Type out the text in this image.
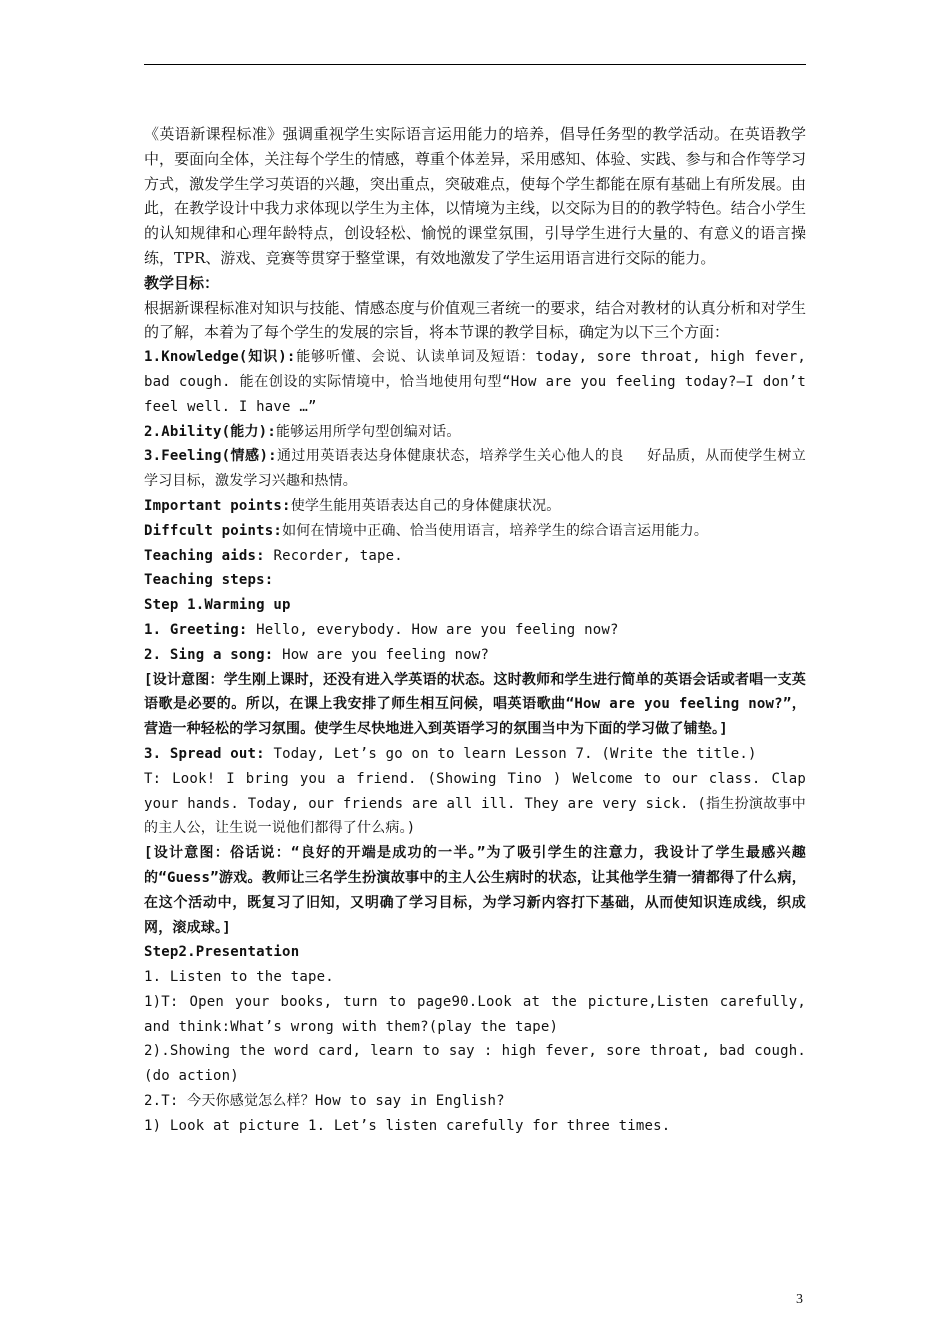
《英语新课程标准》强调重视学生实际语言运用能力的培养，倡导任务型的教学活动。在英语教学中，要面向全体，关注每个学生的情感，尊重个体差异，采用感知、体验、实践、参与和合作等学习方式，激发学生学习英语的兴趣，突出重点，突破难点，使每个学生都能在原有基础上有所发展。由此，在教学设计中我力求体现以学生为主体，以情境为主线，以交际为目的的教学特色。结合小学生的认知规律和心理年龄特点，创设轻松、愉悦的课堂氛围，引导学生进行大量的、有意义的语言操练，TPR、游戏、竞赛等贯穿于整堂课，有效地激发了学生运用语言进行交际的能力。

教学目标：

根据新课程标准对知识与技能、情感态度与价值观三者统一的要求，结合对教材的认真分析和对学生的了解，本着为了每个学生的发展的宗旨，将本节课的教学目标，确定为以下三个方面：

1.Knowledge(知识):能够听懂、会说、认读单词及短语：today, sore throat, high fever, bad cough. 能在创设的实际情境中，恰当地使用句型“How are you feeling today?—I don’t feel well. I have …”

2.Ability(能力):能够运用所学句型创编对话。

3.Feeling(情感):通过用英语表达身体健康状态，培养学生关心他人的良　 好品质，从而使学生树立学习目标，激发学习兴趣和热情。

Important points:使学生能用英语表达自己的身体健康状况。

Diffcult points:如何在情境中正确、恰当使用语言，培养学生的综合语言运用能力。

Teaching aids: Recorder, tape.

Teaching steps:

Step 1.Warming up

1. Greeting: Hello, everybody. How are you feeling now?

2. Sing a song: How are you feeling now?

[设计意图：学生刚上课时，还没有进入学英语的状态。这时教师和学生进行简单的英语会话或者唱一支英语歌是必要的。所以，在课上我安排了师生相互问候，唱英语歌曲“How are you feeling now?”，营造一种轻松的学习氛围。使学生尽快地进入到英语学习的氛围当中为下面的学习做了铺垫。]

3. Spread out: Today, Let’s go on to learn Lesson 7. (Write the title.)

T: Look! I bring you a friend. (Showing Tino ) Welcome to our class. Clap your hands. Today, our friends are all ill. They are very sick. (指生扮演故事中的主人公，让生说一说他们都得了什么病。)

[设计意图：俗话说：“良好的开端是成功的一半。”为了吸引学生的注意力，我设计了学生最感兴趣的“Guess”游戏。教师让三名学生扮演故事中的主人公生病时的状态，让其他学生猜一猜都得了什么病，在这个活动中，既复习了旧知，又明确了学习目标，为学习新内容打下基础，从而使知识连成线，织成网，滚成球。]

Step2.Presentation

1. Listen to the tape.

1)T: Open your books, turn to page90.Look at the picture,Listen carefully, and think:What’s wrong with them?(play the tape)

2).Showing the word card, learn to say : high fever, sore throat, bad cough.(do action)

2.T: 今天你感觉怎么样？How to say in English?

1) Look at picture 1. Let’s listen carefully for three times.

3
